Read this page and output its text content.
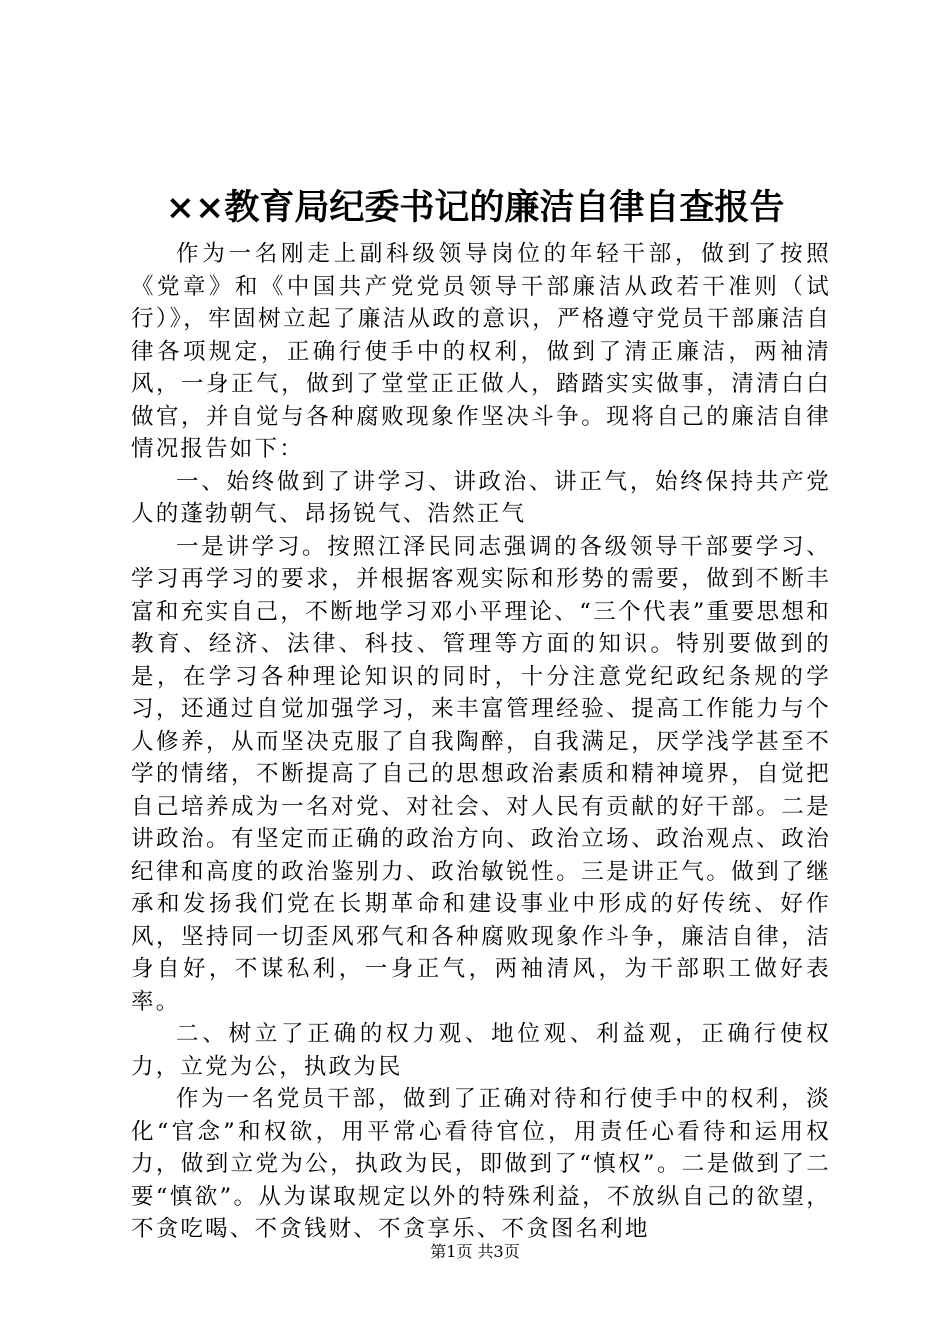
××教育局纪委书记的廉洁自律自查报告

作为一名刚走上副科级领导岗位的年轻干部，做到了按照《党章》和《中国共产党党员领导干部廉洁从政若干准则（试行）》，牢固树立起了廉洁从政的意识，严格遵守党员干部廉洁自律各项规定，正确行使手中的权利，做到了清正廉洁，两袖清风，一身正气，做到了堂堂正正做人，踏踏实实做事，清清白白做官，并自觉与各种腐败现象作坚决斗争。现将自己的廉洁自律情况报告如下：

一、始终做到了讲学习、讲政治、讲正气，始终保持共产党人的蓬勃朝气、昂扬锐气、浩然正气

一是讲学习。按照江泽民同志强调的各级领导干部要学习、学习再学习的要求，并根据客观实际和形势的需要，做到不断丰富和充实自己，不断地学习邓小平理论、“三个代表”重要思想和教育、经济、法律、科技、管理等方面的知识。特别要做到的是，在学习各种理论知识的同时，十分注意党纪政纪条规的学习，还通过自觉加强学习，来丰富管理经验、提高工作能力与个人修养，从而坚决克服了自我陶醉，自我满足，厌学浅学甚至不学的情绪，不断提高了自己的思想政治素质和精神境界，自觉把自己培养成为一名对党、对社会、对人民有贡献的好干部。二是讲政治。有坚定而正确的政治方向、政治立场、政治观点、政治纪律和高度的政治鉴别力、政治敏锐性。三是讲正气。做到了继承和发扬我们党在长期革命和建设事业中形成的好传统、好作风，坚持同一切歪风邪气和各种腐败现象作斗争，廉洁自律，洁身自好，不谋私利，一身正气，两袖清风，为干部职工做好表率。

二、树立了正确的权力观、地位观、利益观，正确行使权力，立党为公，执政为民

作为一名党员干部，做到了正确对待和行使手中的权利，淡化“官念”和权欲，用平常心看待官位，用责任心看待和运用权力，做到立党为公，执政为民，即做到了“慎权”。二是做到了二要“慎欲”。从为谋取规定以外的特殊利益，不放纵自己的欲望，不贪吃喝、不贪钱财、不贪享乐、不贪图名利地

第1页 共3页
